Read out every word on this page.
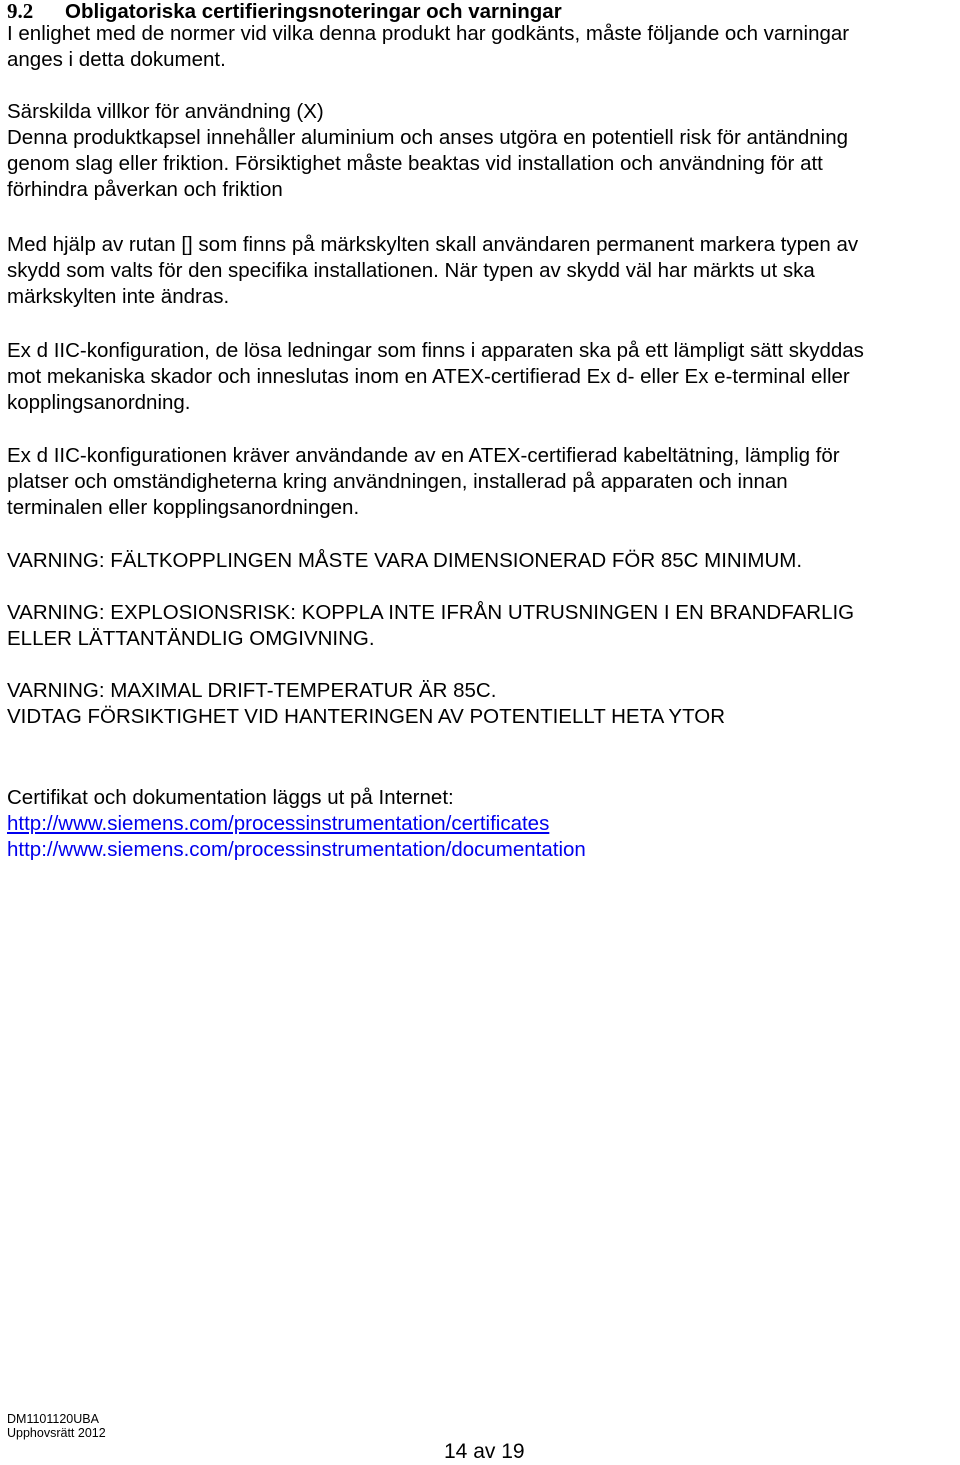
9.2 Obligatoriska certifieringsnoteringar och varningar
I enlighet med de normer vid vilka denna produkt har godkänts, måste följande och varningar
anges i detta dokument.
Särskilda villkor för användning (X)
Denna produktkapsel innehåller aluminium och anses utgöra en potentiell risk för antändning
genom slag eller friktion. Försiktighet måste beaktas vid installation och användning för att
förhindra påverkan och friktion
Med hjälp av rutan [] som finns på märkskylten skall användaren permanent markera typen av
skydd som valts för den specifika installationen. När typen av skydd väl har märkts ut ska
märkskylten inte ändras.
Ex d IIC-konfiguration, de lösa ledningar som finns i apparaten ska på ett lämpligt sätt skyddas
mot mekaniska skador och inneslutas inom en ATEX-certifierad Ex d- eller Ex e-terminal eller
kopplingsanordning.
Ex d IIC-konfigurationen kräver användande av en ATEX-certifierad kabeltätning, lämplig för
platser och omständigheterna kring användningen, installerad på apparaten och innan
terminalen eller kopplingsanordningen.
VARNING: FÄLTKOPPLINGEN MÅSTE VARA DIMENSIONERAD FÖR 85C MINIMUM.
VARNING: EXPLOSIONSRISK: KOPPLA INTE IFRÅN UTRUSNINGEN I EN BRANDFARLIG
ELLER LÄTTANTÄNDLIG OMGIVNING.
VARNING: MAXIMAL DRIFT-TEMPERATUR ÄR 85C.
VIDTAG FÖRSIKTIGHET VID HANTERINGEN AV POTENTIELLT HETA YTOR
Certifikat och dokumentation läggs ut på Internet:
http://www.siemens.com/processinstrumentation/certificates
http://www.siemens.com/processinstrumentation/documentation
DM1101120UBA
Upphovsrätt 2012
14 av 19
